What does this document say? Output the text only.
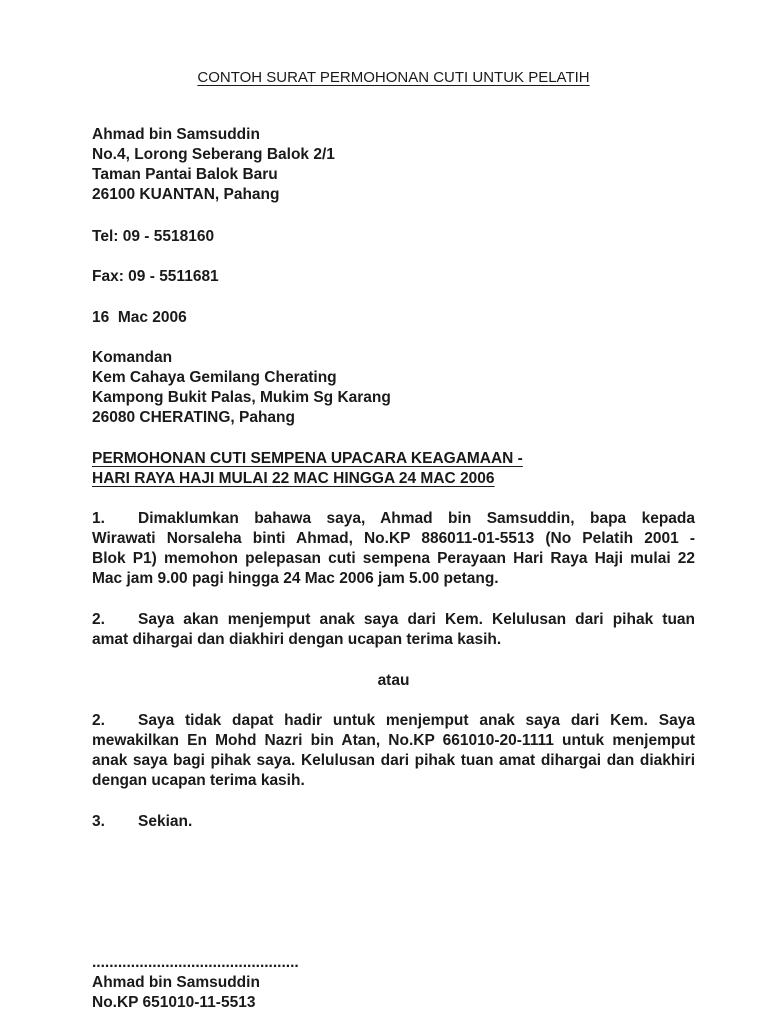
CONTOH SURAT PERMOHONAN CUTI UNTUK PELATIH
Ahmad bin Samsuddin
No.4, Lorong Seberang Balok 2/1
Taman Pantai Balok Baru
26100 KUANTAN, Pahang
Tel: 09 - 5518160
Fax: 09 - 5511681
16  Mac 2006
Komandan
Kem Cahaya Gemilang Cherating
Kampong Bukit Palas, Mukim Sg Karang
26080 CHERATING, Pahang
PERMOHONAN CUTI SEMPENA UPACARA KEAGAMAAN -
HARI RAYA HAJI MULAI 22 MAC HINGGA 24 MAC 2006
1. Dimaklumkan bahawa saya, Ahmad bin Samsuddin, bapa kepada
Wirawati Norsaleha binti Ahmad, No.KP 886011-01-5513 (No Pelatih 2001 -
Blok P1) memohon pelepasan cuti sempena Perayaan Hari Raya Haji mulai 22
Mac jam 9.00 pagi hingga 24 Mac 2006 jam 5.00 petang.
2. Saya akan menjemput anak saya dari Kem. Kelulusan dari pihak tuan
amat dihargai dan diakhiri dengan ucapan terima kasih.
atau
2. Saya tidak dapat hadir untuk menjemput anak saya dari Kem. Saya
mewakilkan En Mohd Nazri bin Atan, No.KP 661010-20-1111 untuk menjemput
anak saya bagi pihak saya. Kelulusan dari pihak tuan amat dihargai dan diakhiri
dengan ucapan terima kasih.
3. Sekian.
................................................
Ahmad bin Samsuddin
No.KP 651010-11-5513
